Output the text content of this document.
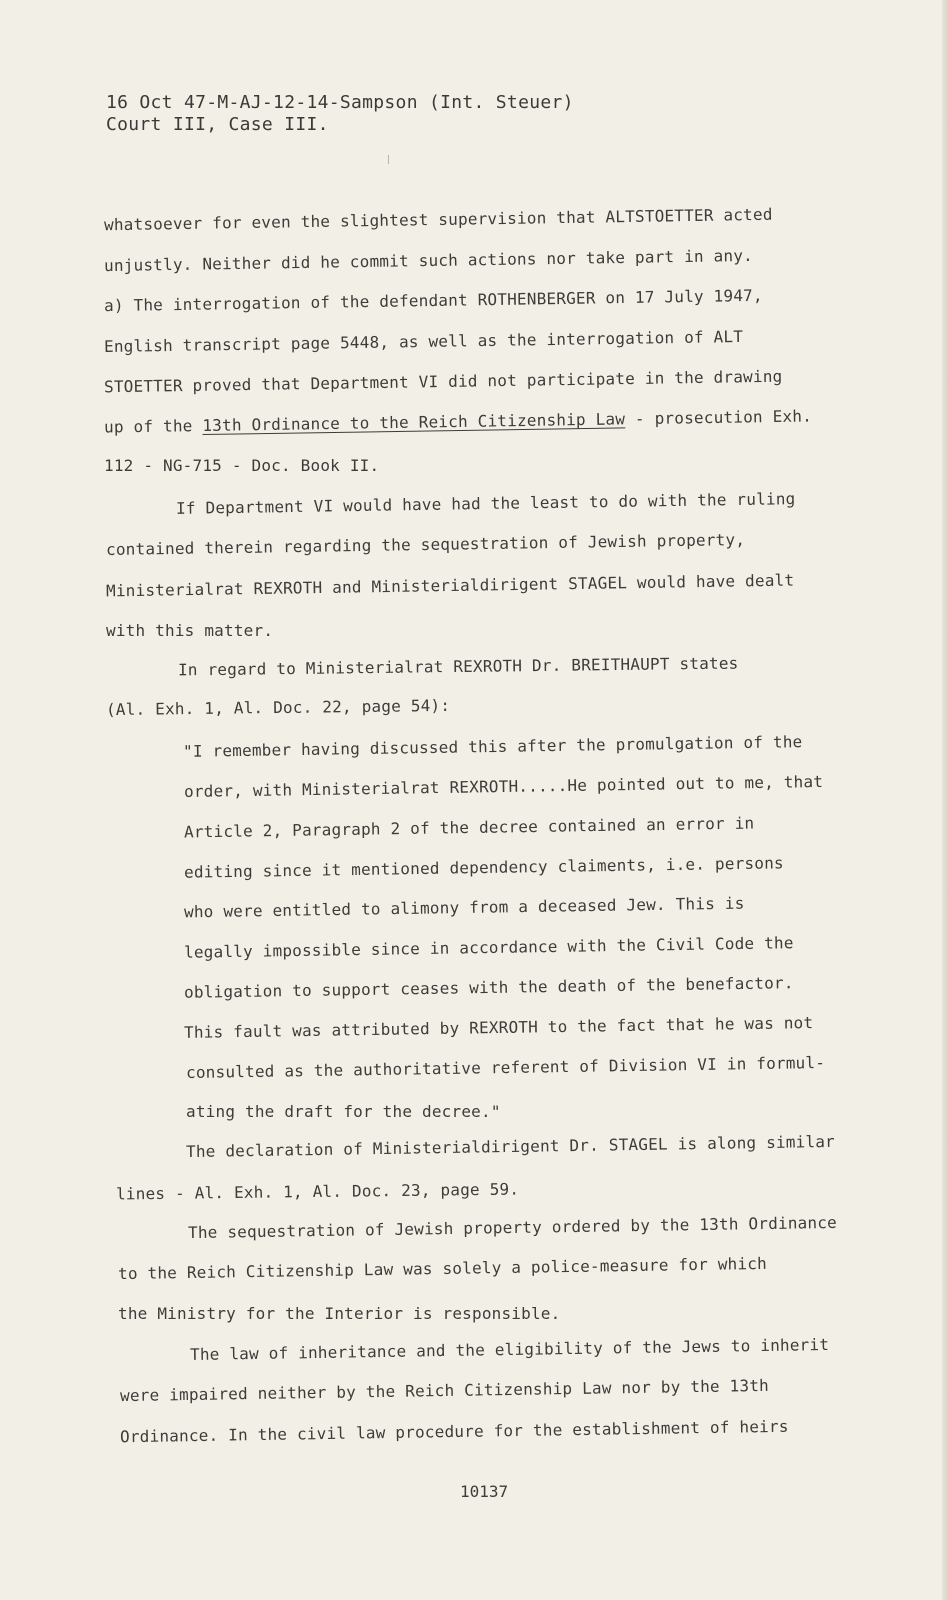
16 Oct 47-M-AJ-12-14-Sampson (Int. Steuer)
Court III, Case III.
whatsoever for even the slightest supervision that ALTSTOETTER acted
unjustly. Neither did he commit such actions nor take part in any.
a) The interrogation of the defendant ROTHENBERGER on 17 July 1947,
English transcript page 5448, as well as the interrogation of ALT
STOETTER proved that Department VI did not participate in the drawing
up of the 13th Ordinance to the Reich Citizenship Law - prosecution Exh.
112 - NG-715 - Doc. Book II.
If Department VI would have had the least to do with the ruling
contained therein regarding the sequestration of Jewish property,
Ministerialrat REXROTH and Ministerialdirigent STAGEL would have dealt
with this matter.
In regard to Ministerialrat REXROTH Dr. BREITHAUPT states
(Al. Exh. 1, Al. Doc. 22, page 54):
"I remember having discussed this after the promulgation of the
order, with Ministerialrat REXROTH.....He pointed out to me, that
Article 2, Paragraph 2 of the decree contained an error in
editing since it mentioned dependency claiments, i.e. persons
who were entitled to alimony from a deceased Jew. This is
legally impossible since in accordance with the Civil Code the
obligation to support ceases with the death of the benefactor.
This fault was attributed by REXROTH to the fact that he was not
consulted as the authoritative referent of Division VI in formul-
ating the draft for the decree."
The declaration of Ministerialdirigent Dr. STAGEL is along similar
lines - Al. Exh. 1, Al. Doc. 23, page 59.
The sequestration of Jewish property ordered by the 13th Ordinance
to the Reich Citizenship Law was solely a police-measure for which
the Ministry for the Interior is responsible.
The law of inheritance and the eligibility of the Jews to inherit
were impaired neither by the Reich Citizenship Law nor by the 13th
Ordinance. In the civil law procedure for the establishment of heirs
10137
